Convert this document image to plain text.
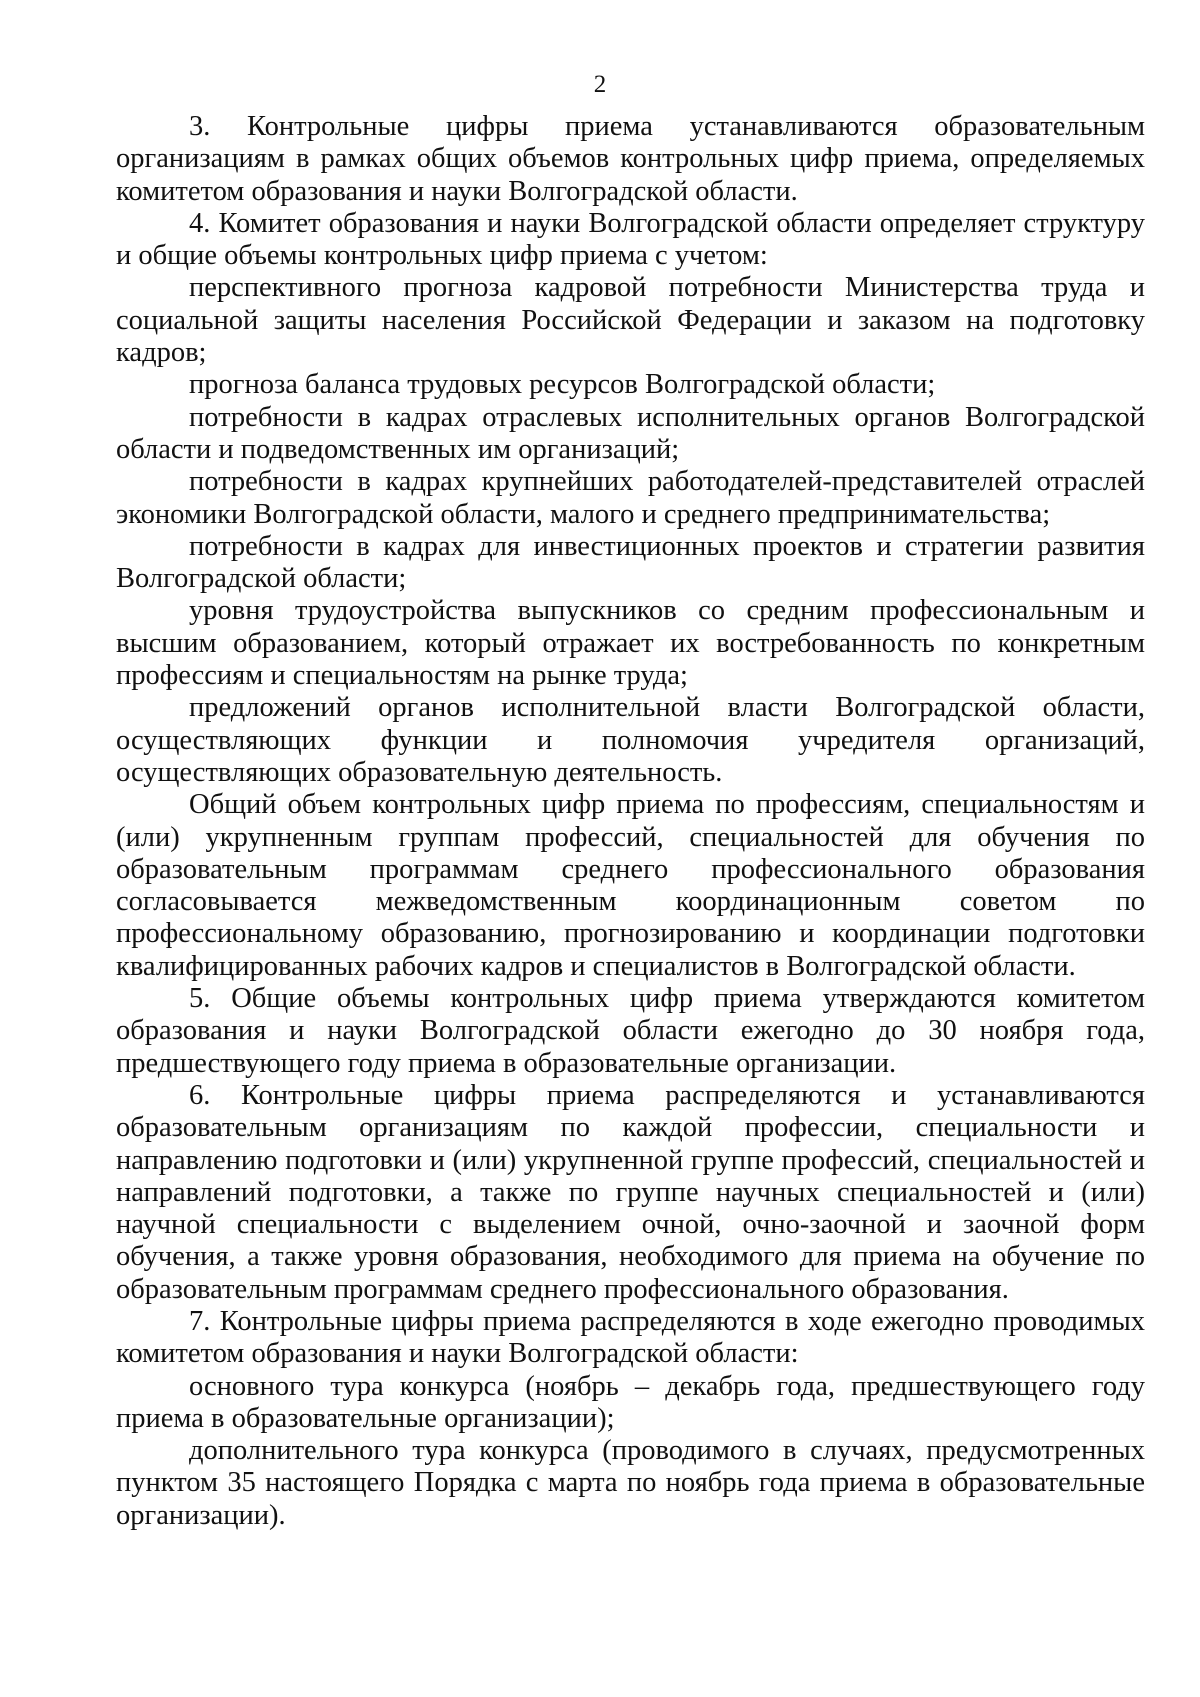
2

3. Контрольные цифры приема устанавливаются образовательным организациям в рамках общих объемов контрольных цифр приема, определяемых комитетом образования и науки Волгоградской области.

4. Комитет образования и науки Волгоградской области определяет структуру и общие объемы контрольных цифр приема с учетом:

перспективного прогноза кадровой потребности Министерства труда и социальной защиты населения Российской Федерации и заказом на подготовку кадров;

прогноза баланса трудовых ресурсов Волгоградской области;

потребности в кадрах отраслевых исполнительных органов Волгоградской области и подведомственных им организаций;

потребности в кадрах крупнейших работодателей-представителей отраслей экономики Волгоградской области, малого и среднего предпринимательства;

потребности в кадрах для инвестиционных проектов и стратегии развития Волгоградской области;

уровня трудоустройства выпускников со средним профессиональным и высшим образованием, который отражает их востребованность по конкретным профессиям и специальностям на рынке труда;

предложений органов исполнительной власти Волгоградской области, осуществляющих функции и полномочия учредителя организаций, осуществляющих образовательную деятельность.

Общий объем контрольных цифр приема по профессиям, специальностям и (или) укрупненным группам профессий, специальностей для обучения по образовательным программам среднего профессионального образования согласовывается межведомственным координационным советом по профессиональному образованию, прогнозированию и координации подготовки квалифицированных рабочих кадров и специалистов в Волгоградской области.

5. Общие объемы контрольных цифр приема утверждаются комитетом образования и науки Волгоградской области ежегодно до 30 ноября года, предшествующего году приема в образовательные организации.

6. Контрольные цифры приема распределяются и устанавливаются образовательным организациям по каждой профессии, специальности и направлению подготовки и (или) укрупненной группе профессий, специальностей и направлений подготовки, а также по группе научных специальностей и (или) научной специальности с выделением очной, очно-заочной и заочной форм обучения, а также уровня образования, необходимого для приема на обучение по образовательным программам среднего профессионального образования.

7. Контрольные цифры приема распределяются в ходе ежегодно проводимых комитетом образования и науки Волгоградской области:

основного тура конкурса (ноябрь – декабрь года, предшествующего году приема в образовательные организации);

дополнительного тура конкурса (проводимого в случаях, предусмотренных пунктом 35 настоящего Порядка с марта по ноябрь года приема в образовательные организации).
